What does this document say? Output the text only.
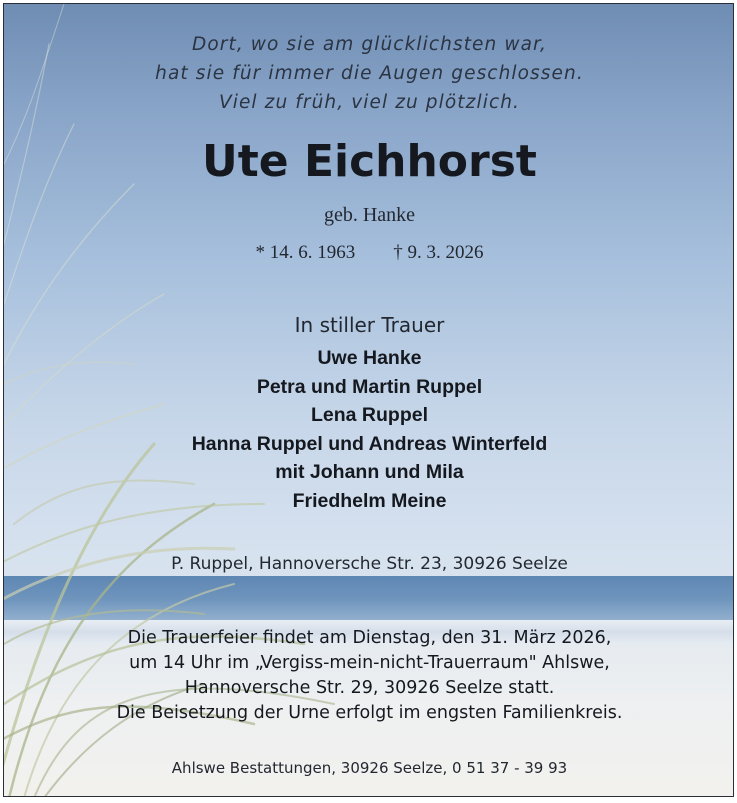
Dort, wo sie am glücklichsten war,
hat sie für immer die Augen geschlossen.
Viel zu früh, viel zu plötzlich.
Ute Eichhorst
geb. Hanke
* 14. 6. 1963 † 9. 3. 2026
In stiller Trauer
Uwe Hanke
Petra und Martin Ruppel
Lena Ruppel
Hanna Ruppel und Andreas Winterfeld
mit Johann und Mila
Friedhelm Meine
P. Ruppel, Hannoversche Str. 23, 30926 Seelze
Die Trauerfeier findet am Dienstag, den 31. März 2026,
um 14 Uhr im „Vergiss-mein-nicht-Trauerraum" Ahlswe,
Hannoversche Str. 29, 30926 Seelze statt.
Die Beisetzung der Urne erfolgt im engsten Familienkreis.
Ahlswe Bestattungen, 30926 Seelze, 0 51 37 - 39 93
